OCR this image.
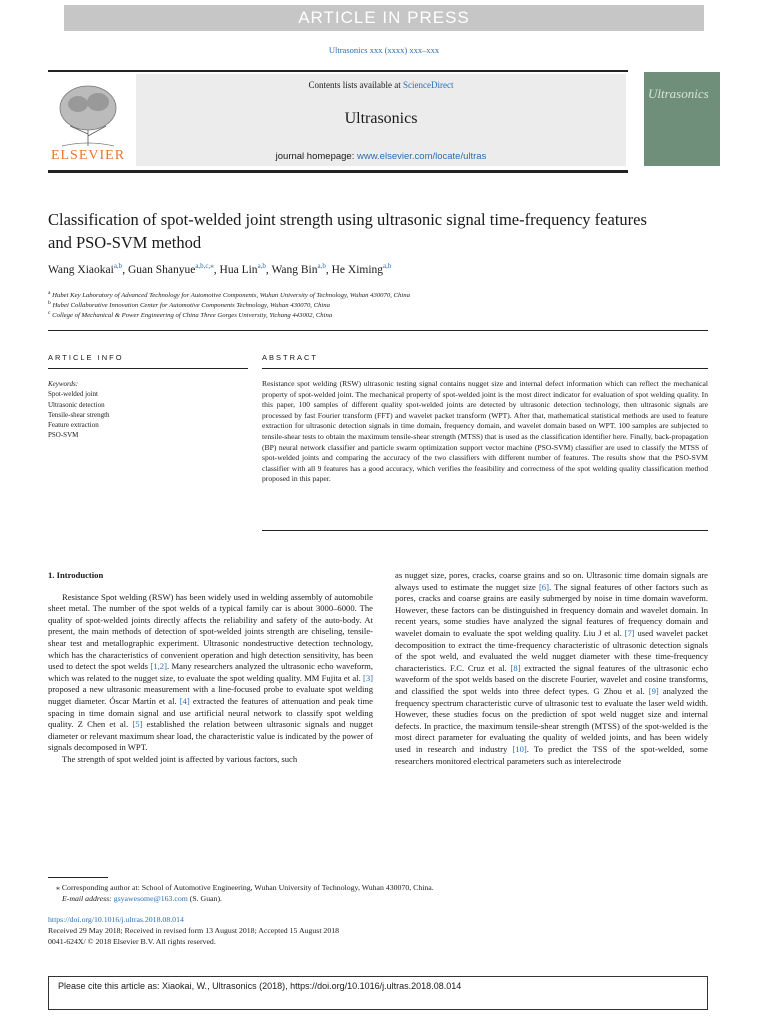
ARTICLE IN PRESS
Ultrasonics xxx (xxxx) xxx–xxx
ELSEVIER
Contents lists available at ScienceDirect
Ultrasonics
journal homepage: www.elsevier.com/locate/ultras
Ultrasonics
Classification of spot-welded joint strength using ultrasonic signal time-frequency features and PSO-SVM method
Wang Xiaokai$^{a,b}$, Guan Shanyue$^{a,b,c,⁎}$, Hua Lin$^{a,b}$, Wang Bin$^{a,b}$, He Ximing$^{a,b}$
$^a$ Hubei Key Laboratory of Advanced Technology for Automotive Components, Wuhan University of Technology, Wuhan 430070, China
$^b$ Hubei Collaborative Innovation Center for Automotive Components Technology, Wuhan 430070, China
$^c$ College of Mechanical & Power Engineering of China Three Gorges University, Yichang 443002, China
ARTICLE INFO	ABSTRACT
Keywords:
Spot-welded joint
Ultrasonic detection
Tensile-shear strength
Feature extraction
PSO-SVM
Resistance spot welding (RSW) ultrasonic testing signal contains nugget size and internal defect information which can reflect the mechanical property of spot-welded joint. The mechanical property of spot-welded joint is the most direct indicator for evaluation of spot welding quality. In this paper, 100 samples of different quality spot-welded joints are detected by ultrasonic detection technology, then ultrasonic signals are processed by fast Fourier transform (FFT) and wavelet packet transform (WPT). After that, mathematical statistical methods are used to feature extraction for ultrasonic detection signals in time domain, frequency domain, and wavelet domain based on WPT. 100 samples are subjected to tensile-shear tests to obtain the maximum tensile-shear strength (MTSS) that is used as the classification identifier here. Finally, back-propagation (BP) neural network classifier and particle swarm optimization support vector machine (PSO-SVM) classifier are used to classify the MTSS of spot-welded joints and comparing the accuracy of the two classifiers with different number of features. The results show that the PSO-SVM classifier with all 9 features has a good accuracy, which verifies the feasibility and correctness of the spot welding quality classification method proposed in this paper.
1. Introduction

Resistance Spot welding (RSW) has been widely used in welding assembly of automobile sheet metal. The number of the spot welds of a typical family car is about 3000–6000. The quality of spot-welded joints directly affects the reliability and safety of the auto-body. At present, the main methods of detection of spot-welded joints strength are chiseling, tensile-shear test and metallographic experiment. Ultrasonic nondestructive detection technology, which has the characteristics of convenient operation and high detection sensitivity, has been used to detect the spot welds [1,2]. Many researchers analyzed the ultrasonic echo waveform, which was related to the nugget size, to evaluate the spot welding quality. MM Fujita et al. [3] proposed a new ultrasonic measurement with a line-focused probe to evaluate spot welding nugget diameter. Óscar Martín et al. [4] extracted the features of attenuation and peak time spacing in time domain signal and use artificial neural network to classify spot welding quality. Z Chen et al. [5] established the relation between ultrasonic signals and nugget diameter or relevant maximum shear load, the characteristic value is indicated by the power of signals decomposed in WPT.

The strength of spot welded joint is affected by various factors, such

as nugget size, pores, cracks, coarse grains and so on. Ultrasonic time domain signals are always used to estimate the nugget size [6]. The signal features of other factors such as pores, cracks and coarse grains are easily submerged by noise in time domain waveform. However, these factors can be distinguished in frequency domain and wavelet domain. In recent years, some studies have analyzed the signal features of frequency domain and wavelet domain to evaluate the spot welding quality. Liu J et al. [7] used wavelet packet decomposition to extract the time-frequency characteristic of ultrasonic detection signals of the spot weld, and evaluated the weld nugget diameter with these time-frequency characteristics. F.C. Cruz et al. [8] extracted the signal features of the ultrasonic echo waveform of the spot welds based on the discrete Fourier, wavelet and cosine transforms, and classified the spot welds into three defect types. G Zhou et al. [9] analyzed the frequency spectrum characteristic curve of ultrasonic test to evaluate the laser weld width. However, these studies focus on the prediction of spot weld nugget size and internal defects. In practice, the maximum tensile-shear strength (MTSS) of the spot-welded is the most direct parameter for evaluating the quality of welded joints, and has been widely used in research and industry [10]. To predict the TSS of the spot-welded, some researchers monitored electrical parameters such as interelectrode

⁎ Corresponding author at: School of Automotive Engineering, Wuhan University of Technology, Wuhan 430070, China.
E-mail address: gsyawesome@163.com (S. Guan).
https://doi.org/10.1016/j.ultras.2018.08.014
Received 29 May 2018; Received in revised form 13 August 2018; Accepted 15 August 2018
0041-624X/ © 2018 Elsevier B.V. All rights reserved.
Please cite this article as: Xiaokai, W., Ultrasonics (2018), https://doi.org/10.1016/j.ultras.2018.08.014
